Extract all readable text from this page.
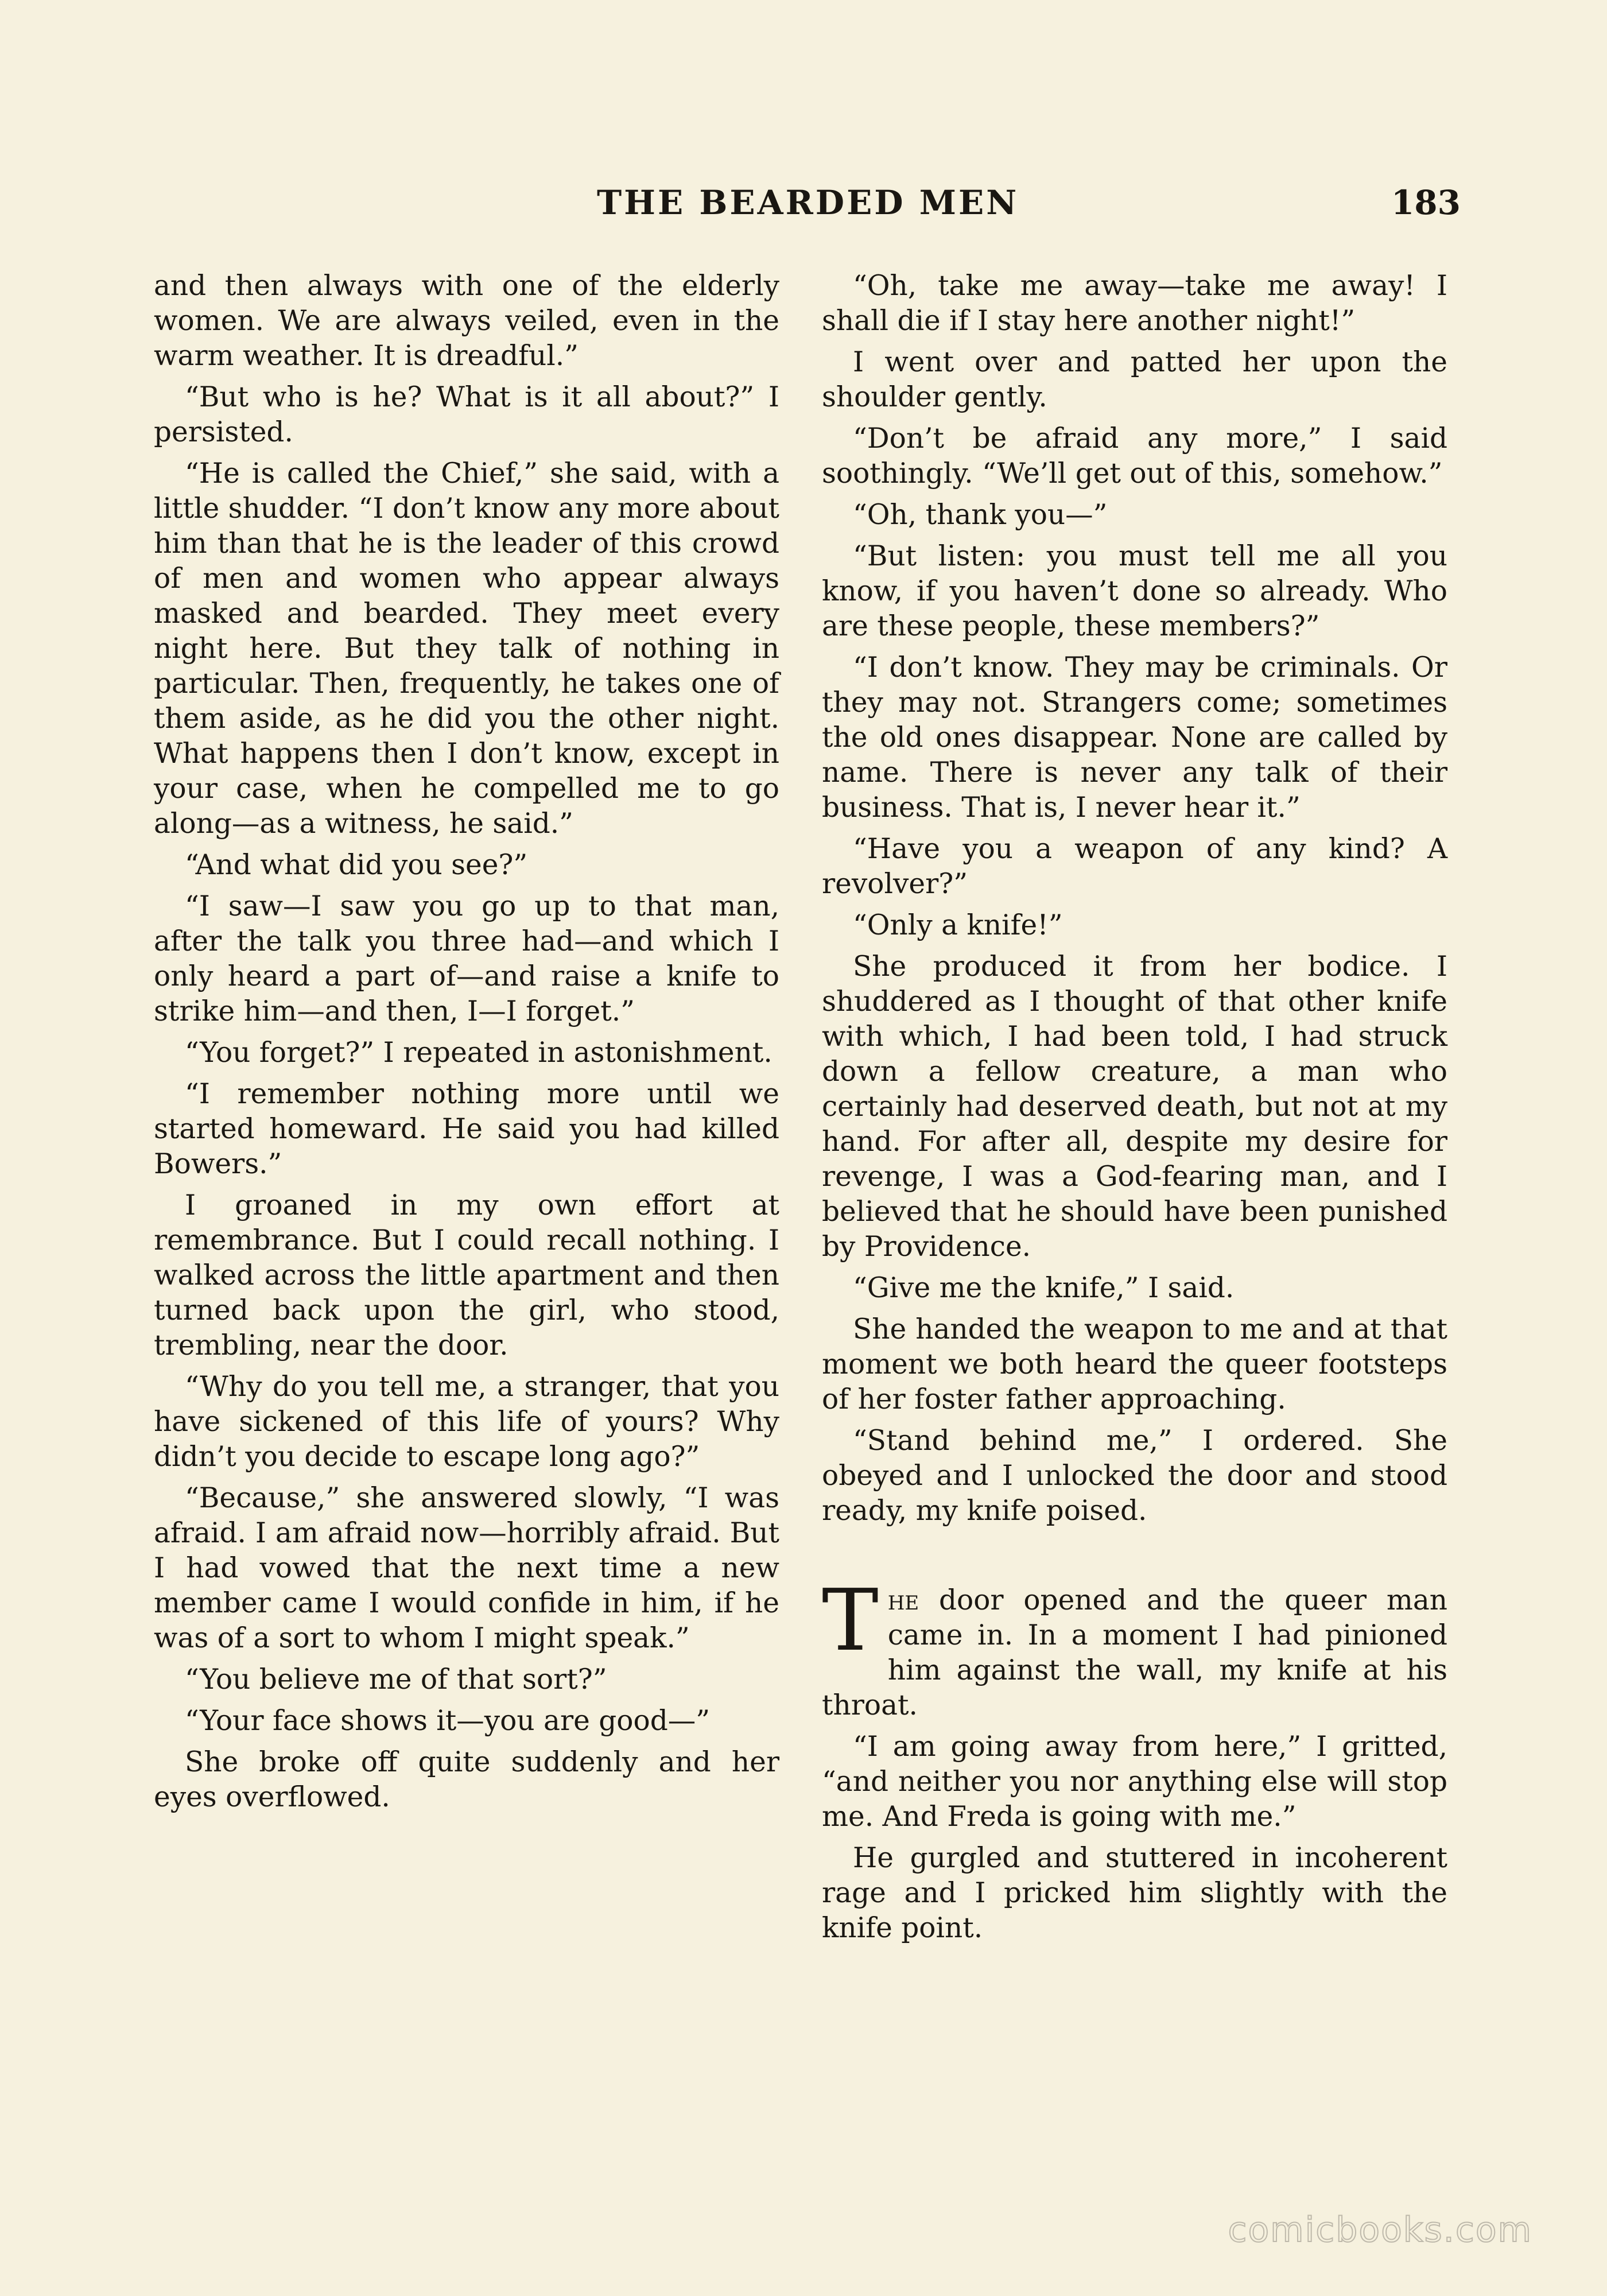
THE BEARDED MEN	183

and then always with one of the elderly women. We are always veiled, even in the warm weather. It is dreadful.”

“But who is he? What is it all about?” I persisted.

“He is called the Chief,” she said, with a little shudder. “I don’t know any more about him than that he is the leader of this crowd of men and women who appear always masked and bearded. They meet every night here. But they talk of nothing in particular. Then, frequently, he takes one of them aside, as he did you the other night. What happens then I don’t know, except in your case, when he compelled me to go along—as a witness, he said.”

“And what did you see?”

“I saw—I saw you go up to that man, after the talk you three had—and which I only heard a part of—and raise a knife to strike him—and then, I—I forget.”

“You forget?” I repeated in astonishment.

“I remember nothing more until we started homeward. He said you had killed Bowers.”

I groaned in my own effort at remembrance. But I could recall nothing. I walked across the little apartment and then turned back upon the girl, who stood, trembling, near the door.

“Why do you tell me, a stranger, that you have sickened of this life of yours? Why didn’t you decide to escape long ago?”

“Because,” she answered slowly, “I was afraid. I am afraid now—horribly afraid. But I had vowed that the next time a new member came I would confide in him, if he was of a sort to whom I might speak.”

“You believe me of that sort?”

“Your face shows it—you are good—”

She broke off quite suddenly and her eyes overflowed.

“Oh, take me away—take me away! I shall die if I stay here another night!”

I went over and patted her upon the shoulder gently.

“Don’t be afraid any more,” I said soothingly. “We’ll get out of this, somehow.”

“Oh, thank you—”

“But listen: you must tell me all you know, if you haven’t done so already. Who are these people, these members?”

“I don’t know. They may be criminals. Or they may not. Strangers come; sometimes the old ones disappear. None are called by name. There is never any talk of their business. That is, I never hear it.”

“Have you a weapon of any kind? A revolver?”

“Only a knife!”

She produced it from her bodice. I shuddered as I thought of that other knife with which, I had been told, I had struck down a fellow creature, a man who certainly had deserved death, but not at my hand. For after all, despite my desire for revenge, I was a God-fearing man, and I believed that he should have been punished by Providence.

“Give me the knife,” I said.

She handed the weapon to me and at that moment we both heard the queer footsteps of her foster father approaching.

“Stand behind me,” I ordered. She obeyed and I unlocked the door and stood ready, my knife poised.

The door opened and the queer man came in. In a moment I had pinioned him against the wall, my knife at his throat.

“I am going away from here,” I gritted, “and neither you nor anything else will stop me. And Freda is going with me.”

He gurgled and stuttered in incoherent rage and I pricked him slightly with the knife point.

comicbooks.com
